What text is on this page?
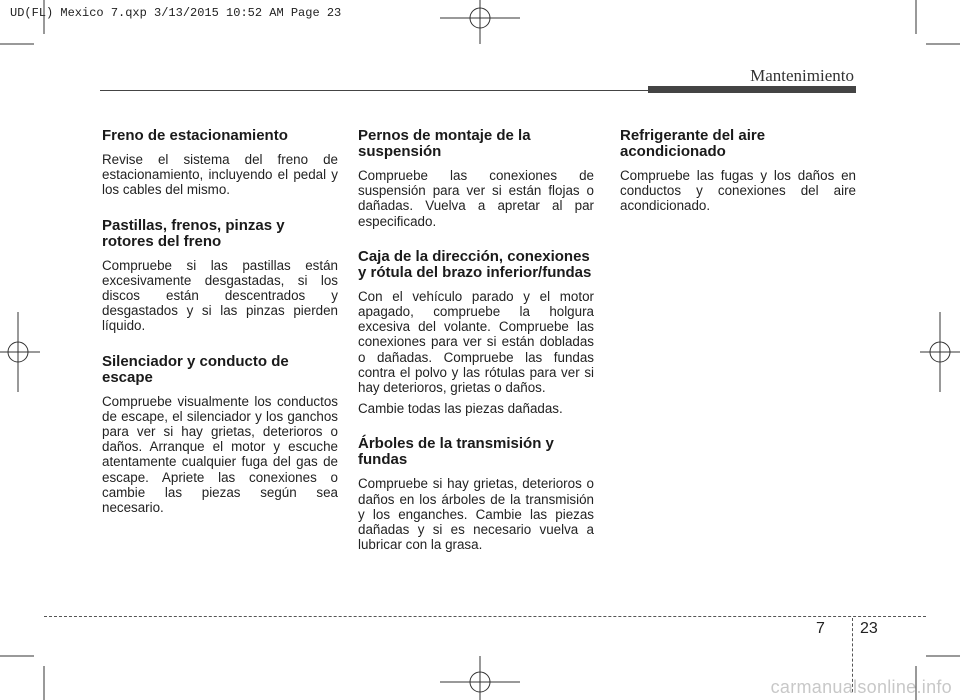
UD(FL) Mexico 7.qxp 3/13/2015 10:52 AM Page 23
Mantenimiento
Freno de estacionamiento
Revise el sistema del freno de estacionamiento, incluyendo el pedal y los cables del mismo.
Pastillas, frenos, pinzas y rotores del freno
Compruebe si las pastillas están excesivamente desgastadas, si los discos están descentrados y desgastados y si las pinzas pierden líquido.
Silenciador y conducto de escape
Compruebe visualmente los conductos de escape, el silenciador y los ganchos para ver si hay grietas, deterioros o daños. Arranque el motor y escuche atentamente cualquier fuga del gas de escape. Apriete las conexiones o cambie las piezas según sea necesario.
Pernos de montaje de la suspensión
Compruebe las conexiones de suspensión para ver si están flojas o dañadas. Vuelva a apretar al par especificado.
Caja de la dirección, conexiones y rótula del brazo inferior/fundas
Con el vehículo parado y el motor apagado, compruebe la holgura excesiva del volante. Compruebe las conexiones para ver si están dobladas o dañadas. Compruebe las fundas contra el polvo y las rótulas para ver si hay deterioros, grietas o daños.
Cambie todas las piezas dañadas.
Árboles de la transmisión y fundas
Compruebe si hay grietas, deterioros o daños en los árboles de la transmisión y los enganches. Cambie las piezas dañadas y si es necesario vuelva a lubricar con la grasa.
Refrigerante del aire acondicionado
Compruebe las fugas y los daños en conductos y conexiones del aire acondicionado.
7 23
carmanualsonline.info
